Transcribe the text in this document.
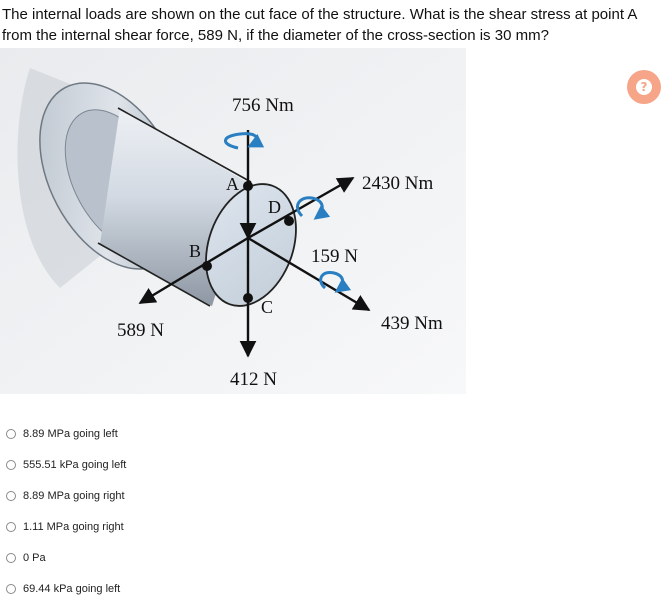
The internal loads are shown on the cut face of the structure. What is the shear stress at point A from the internal shear force, 589 N, if the diameter of the cross-section is 30 mm?
?
756 Nm
2430 Nm
159 N
439 Nm
589 N
412 N
A
D
B
C
8.89 MPa going left
555.51 kPa going left
8.89 MPa going right
1.11 MPa going right
0 Pa
69.44 kPa going left
